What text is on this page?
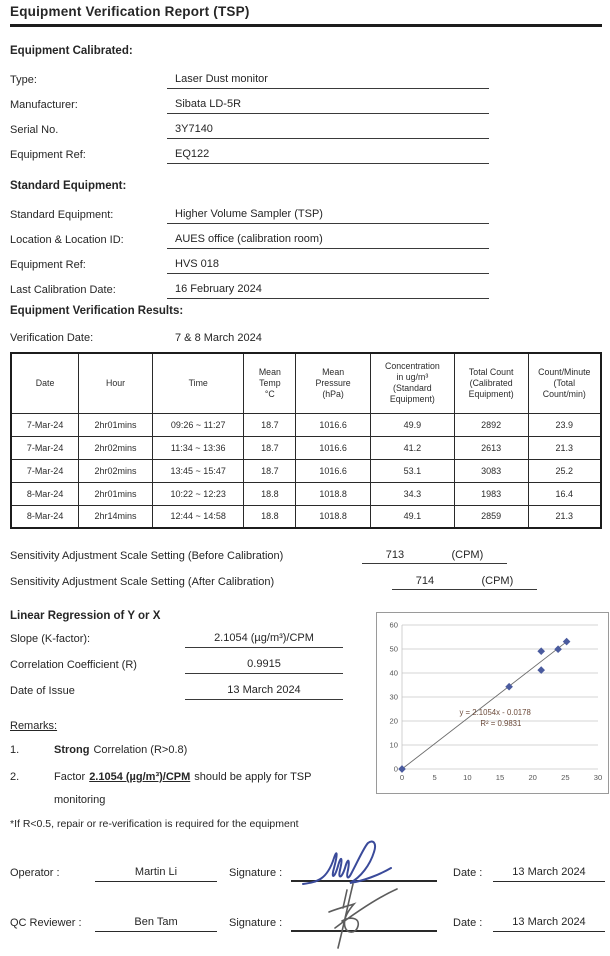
Equipment Verification Report (TSP)
Equipment Calibrated:
Type:	Laser Dust monitor
Manufacturer:	Sibata LD-5R
Serial No.	3Y7140
Equipment Ref:	EQ122
Standard Equipment:
Standard Equipment:	Higher Volume Sampler (TSP)
Location & Location ID:	AUES office (calibration room)
Equipment Ref:	HVS 018
Last Calibration Date:	16 February 2024
Equipment Verification Results:
Verification Date:	7 & 8 March 2024
Date	Hour	Time	Mean
Temp
°C	Mean
Pressure
(hPa)	Concentration
in ug/m³
(Standard
Equipment)	Total Count
(Calibrated
Equipment)	Count/Minute
(Total
Count/min)
7-Mar-24	2hr01mins	09:26 ~ 11:27	18.7	1016.6	49.9	2892	23.9
7-Mar-24	2hr02mins	11:34 ~ 13:36	18.7	1016.6	41.2	2613	21.3
7-Mar-24	2hr02mins	13:45 ~ 15:47	18.7	1016.6	53.1	3083	25.2
8-Mar-24	2hr01mins	10:22 ~ 12:23	18.8	1018.8	34.3	1983	16.4
8-Mar-24	2hr14mins	12:44 ~ 14:58	18.8	1018.8	49.1	2859	21.3
Sensitivity Adjustment Scale Setting (Before Calibration)	713	(CPM)
Sensitivity Adjustment Scale Setting (After Calibration)	714	(CPM)
Linear Regression of Y or X
Slope (K-factor):	2.1054 (µg/m³)/CPM
Correlation Coefficient (R)	0.9915
Date of Issue	13 March 2024
Remarks:
1.	Strong Correlation (R>0.8)
2.	Factor 2.1054 (µg/m³)/CPM should be apply for TSP
monitoring
0
10
20
30
40
50
60
0	5	10	15	20	25	30
y = 2.1054x - 0.0178
R² = 0.9831
*If R<0.5, repair or re-verification is required for the equipment
Operator :	Martin Li	Signature :	Date :	13 March 2024
QC Reviewer :	Ben Tam	Signature :	Date :	13 March 2024
